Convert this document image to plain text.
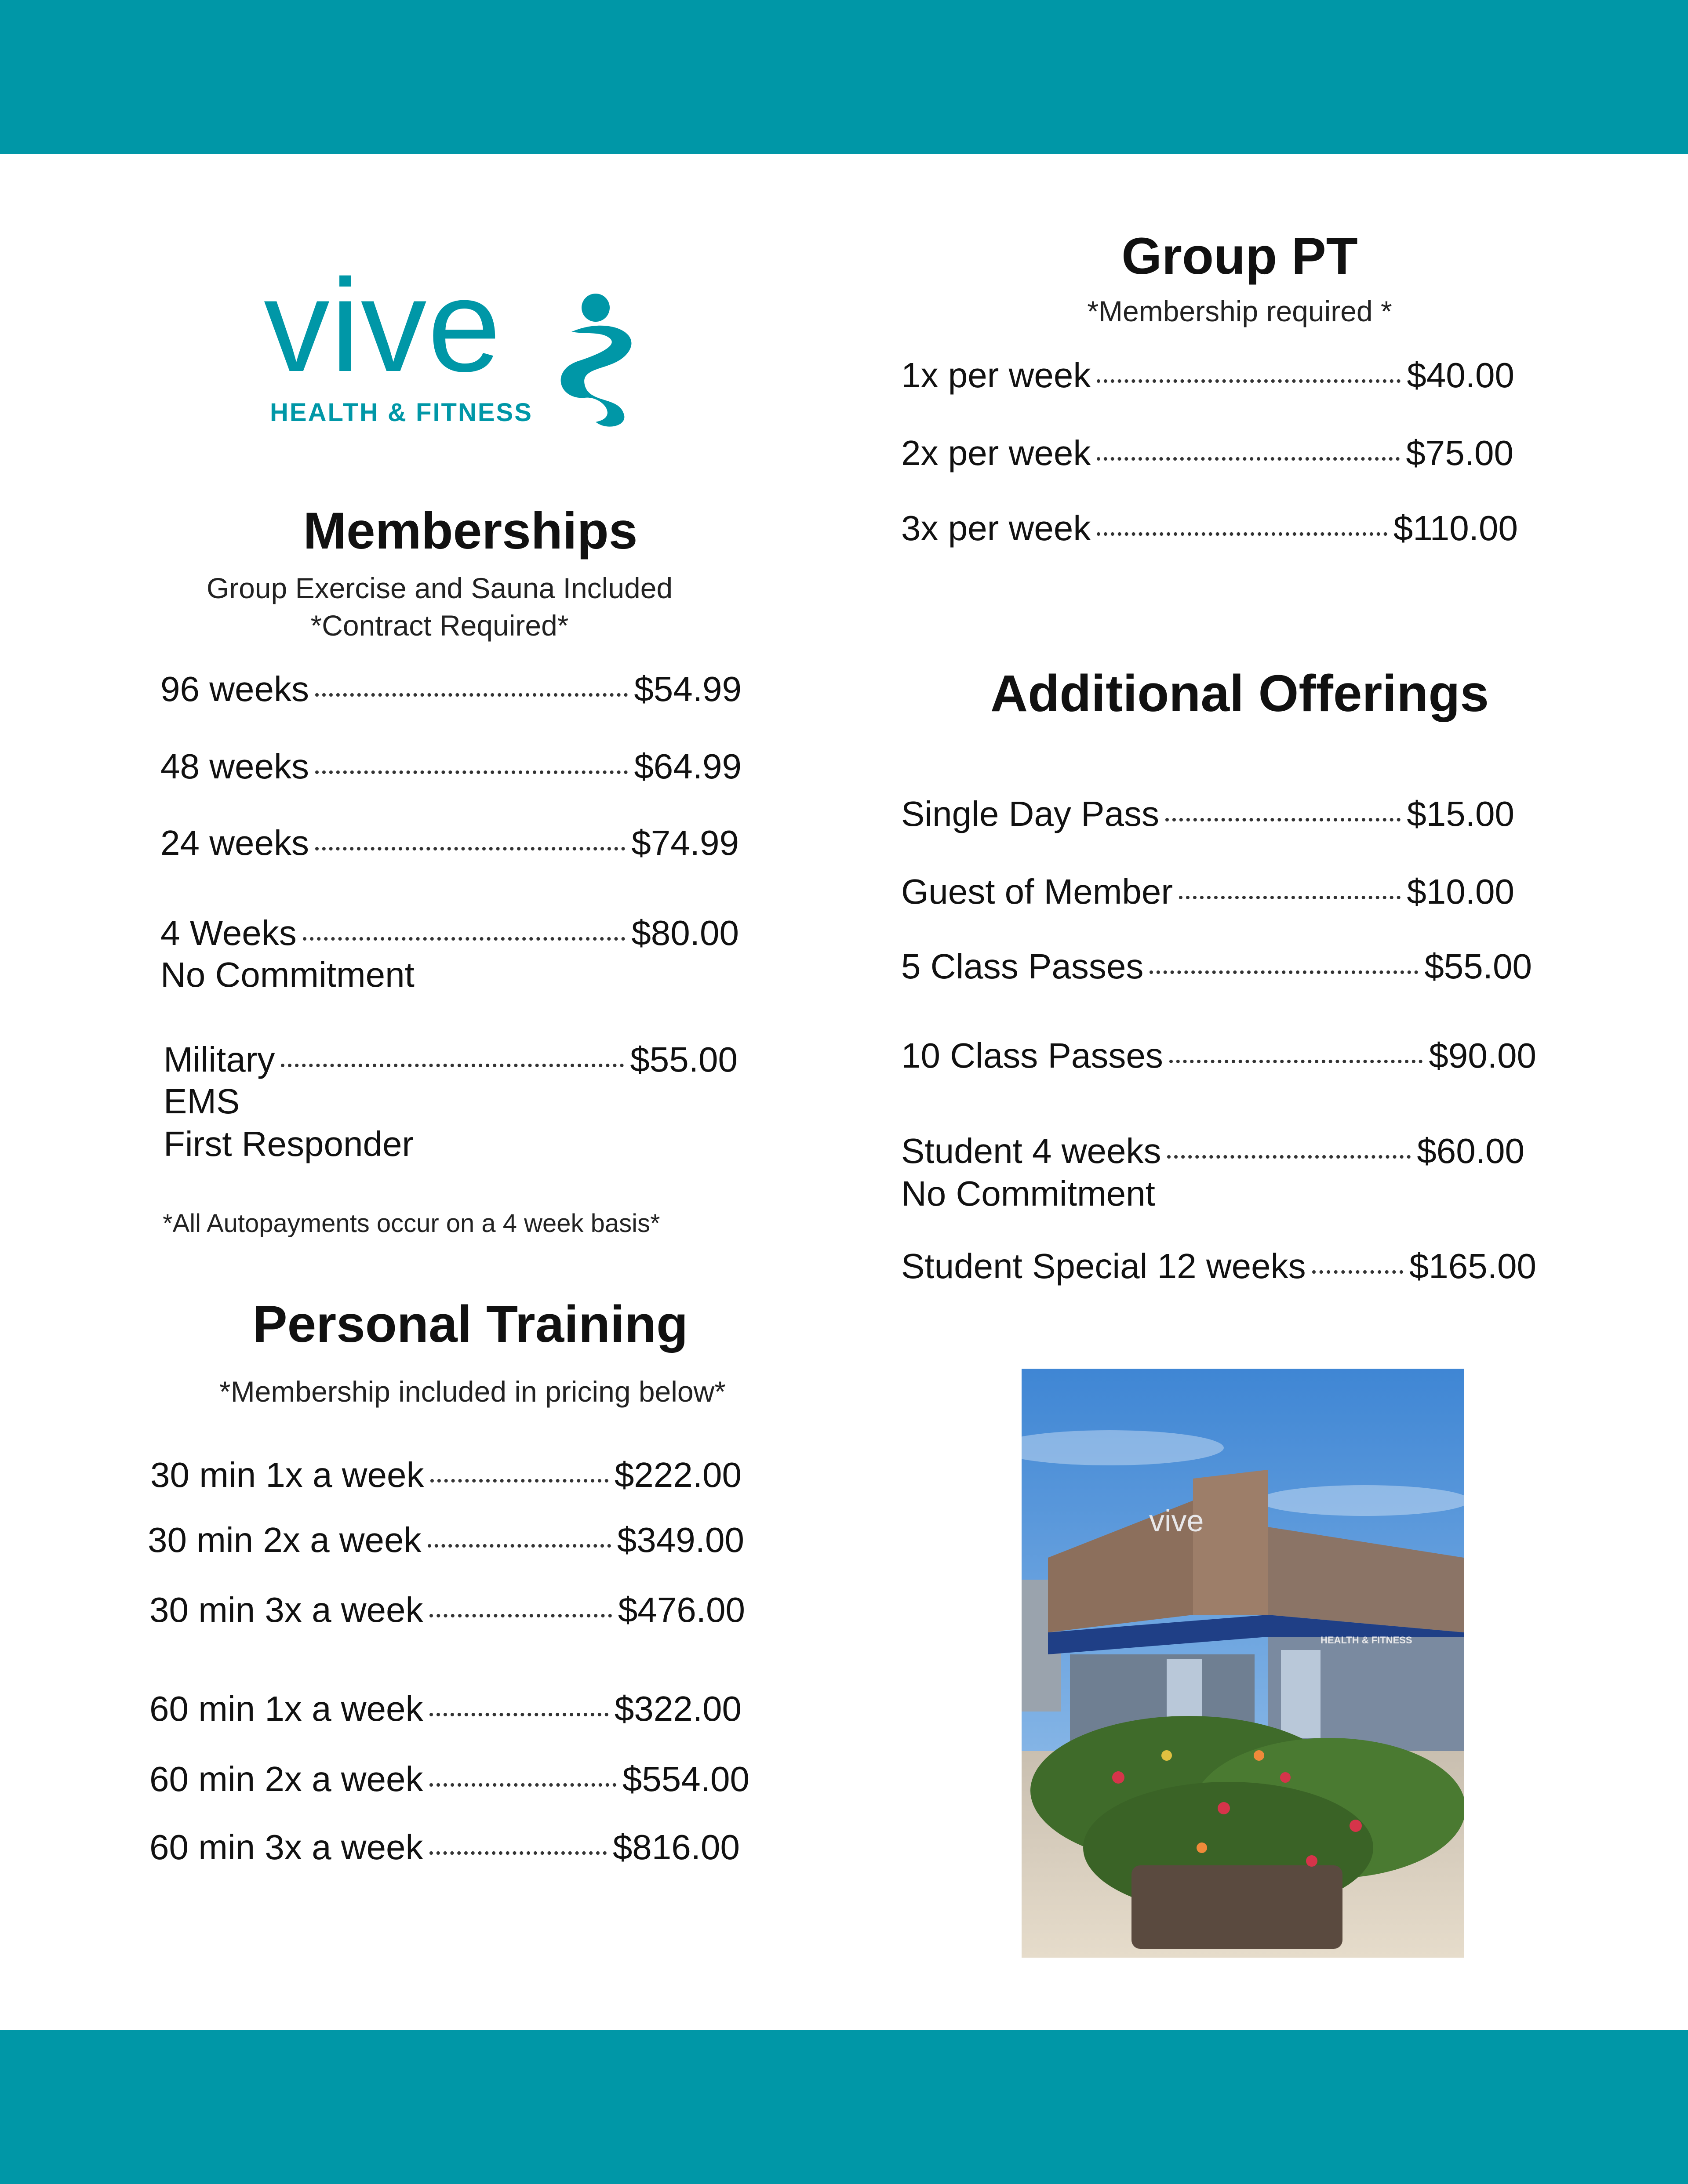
vive
HEALTH & FITNESS
Memberships
Group Exercise and Sauna Included
*Contract Required*
96 weeks	$54.99
48 weeks	$64.99
24 weeks	$74.99
4 Weeks	$80.00
No Commitment
Military	$55.00
EMS
First Responder
*All Autopayments occur on a 4 week basis*
Personal Training
*Membership included in pricing below*
30 min 1x a week	$222.00
30 min 2x a week	$349.00
30 min 3x a week	$476.00
60 min 1x a week	$322.00
60 min 2x a week	$554.00
60 min 3x a week	$816.00
Group PT
*Membership required *
1x per week	$40.00
2x per week	$75.00
3x per week	$110.00
Additional Offerings
Single Day Pass	$15.00
Guest of Member	$10.00
5 Class Passes	$55.00
10 Class Passes	$90.00
Student 4 weeks	$60.00
No Commitment
Student Special 12 weeks	$165.00
vive
HEALTH & FITNESS
